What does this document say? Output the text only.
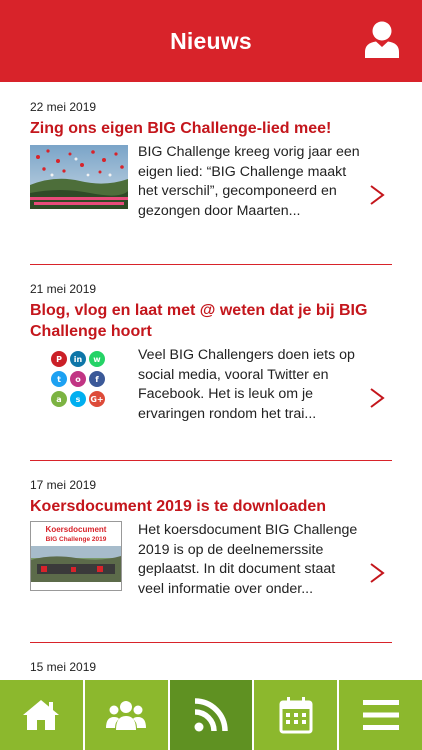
Nieuws
22 mei 2019
Zing ons eigen BIG Challenge-lied mee!
BIG Challenge kreeg vorig jaar een eigen lied: “BIG Challenge maakt het verschil”, gecomponeerd en gezongen door Maarten...
21 mei 2019
Blog, vlog en laat met @ weten dat je bij BIG Challenge hoort
P in w
t o f
a s G+
Veel BIG Challengers doen iets op social media, vooral Twitter en Facebook. Het is leuk om je ervaringen rondom het trai...
17 mei 2019
Koersdocument 2019 is te downloaden
Koersdocument
BIG Challenge 2019
Het koersdocument BIG Challenge 2019 is op de deelnemerssite geplaatst. In dit document staat veel informatie over onder...
15 mei 2019
